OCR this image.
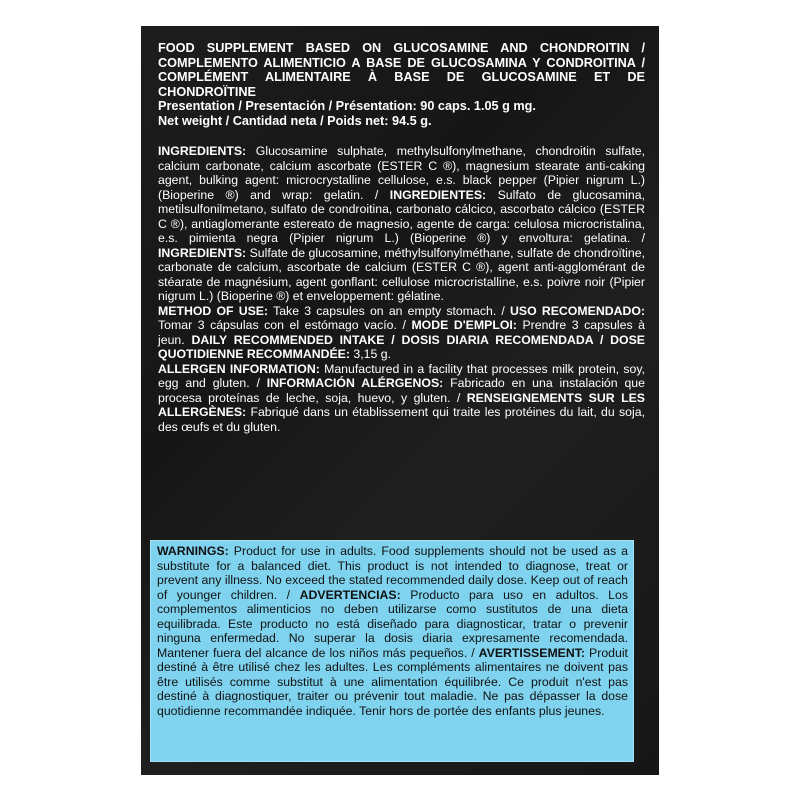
FOOD SUPPLEMENT BASED ON GLUCOSAMINE AND CHONDROITIN / COMPLEMENTO ALIMENTICIO A BASE DE GLUCOSAMINA Y CONDROITINA / COMPLÉMENT ALIMENTAIRE À BASE DE GLUCOSAMINE ET DE CHONDROÏTINE

Presentation / Presentación / Présentation: 90 caps. 1.05 g mg.

Net weight / Cantidad neta / Poids net: 94.5 g.

INGREDIENTS: Glucosamine sulphate, methylsulfonylmethane, chondroitin sulfate, calcium carbonate, calcium ascorbate (ESTER C ®), magnesium stearate anti-caking agent, bulking agent: microcrystalline cellulose, e.s. black pepper (Pipier nigrum L.) (Bioperine ®) and wrap: gelatin. / INGREDIENTES: Sulfato de glucosamina, metilsulfonilmetano, sulfato de condroitina, carbonato cálcico, ascorbato cálcico (ESTER C ®), antiaglomerante estereato de magnesio, agente de carga: celulosa microcristalina, e.s. pimienta negra (Pipier nigrum L.) (Bioperine ®) y envoltura: gelatina. / INGREDIENTS: Sulfate de glucosamine, méthylsulfonylméthane, sulfate de chondroïtine, carbonate de calcium, ascorbate de calcium (ESTER C ®), agent anti-agglomérant de stéarate de magnésium, agent gonflant: cellulose microcristalline, e.s. poivre noir (Pipier nigrum L.) (Bioperine ®) et enveloppement: gélatine.
METHOD OF USE: Take 3 capsules on an empty stomach. / USO RECOMENDADO: Tomar 3 cápsulas con el estómago vacío. / MODE D'EMPLOI: Prendre 3 capsules à jeun. DAILY RECOMMENDED INTAKE / DOSIS DIARIA RECOMENDADA / DOSE QUOTIDIENNE RECOMMANDÉE: 3,15 g.
ALLERGEN INFORMATION: Manufactured in a facility that processes milk protein, soy, egg and gluten. / INFORMACIÓN ALÉRGENOS: Fabricado en una instalación que procesa proteínas de leche, soja, huevo, y gluten. / RENSEIGNEMENTS SUR LES ALLERGÈNES: Fabriqué dans un établissement qui traite les protéines du lait, du soja, des œufs et du gluten.
WARNINGS: Product for use in adults. Food supplements should not be used as a substitute for a balanced diet. This product is not intended to diagnose, treat or prevent any illness. No exceed the stated recommended daily dose. Keep out of reach of younger children. / ADVERTENCIAS: Producto para uso en adultos. Los complementos alimenticios no deben utilizarse como sustitutos de una dieta equilibrada. Este producto no está diseñado para diagnosticar, tratar o prevenir ninguna enfermedad. No superar la dosis diaria expresamente recomendada. Mantener fuera del alcance de los niños más pequeños. / AVERTISSEMENT: Produit destiné à être utilisé chez les adultes. Les compléments alimentaires ne doivent pas être utilisés comme substitut à une alimentation équilibrée. Ce produit n'est pas destiné à diagnostiquer, traiter ou prévenir tout maladie. Ne pas dépasser la dose quotidienne recommandée indiquée. Tenir hors de portée des enfants plus jeunes.
